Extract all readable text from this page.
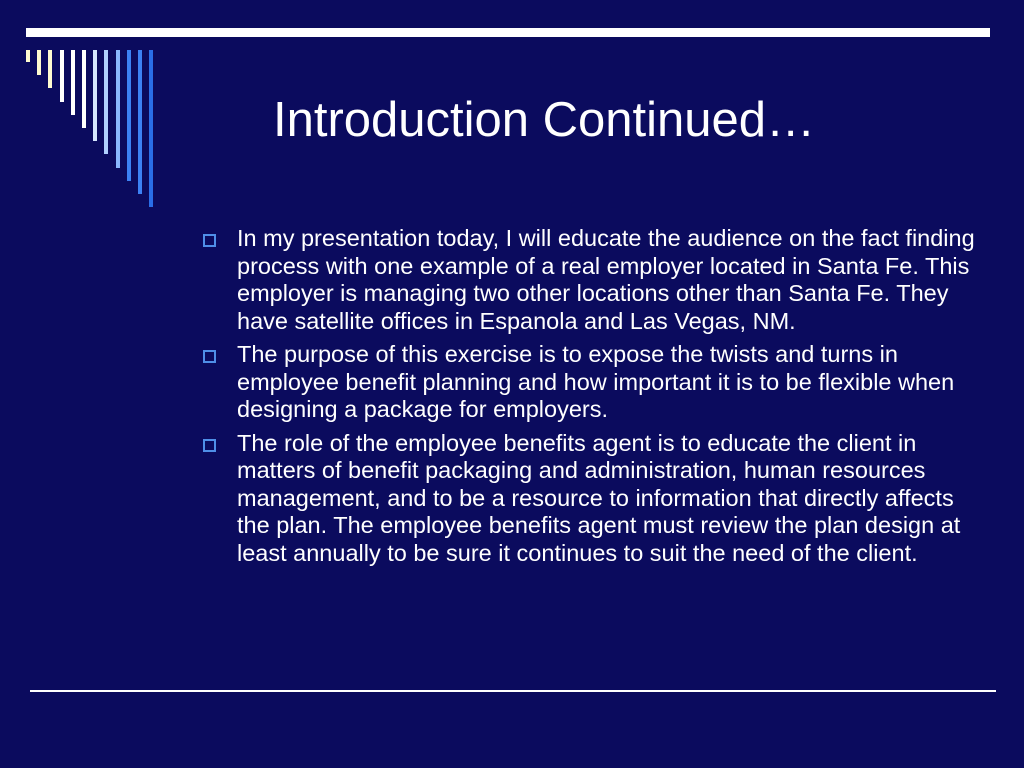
Introduction Continued…
In my presentation today, I will educate the audience on the fact finding process with one example of a real employer located in Santa Fe. This employer is managing two other locations other than Santa Fe. They have satellite offices in Espanola and Las Vegas, NM.
The purpose of this exercise is to expose the twists and turns in employee benefit planning and how important it is to be flexible when designing a package for employers.
The role of the employee benefits agent is to educate the client in matters of benefit packaging and administration, human resources management, and to be a resource to information that directly affects the plan. The employee benefits agent must review the plan design at least annually to be sure it continues to suit the need of the client.
